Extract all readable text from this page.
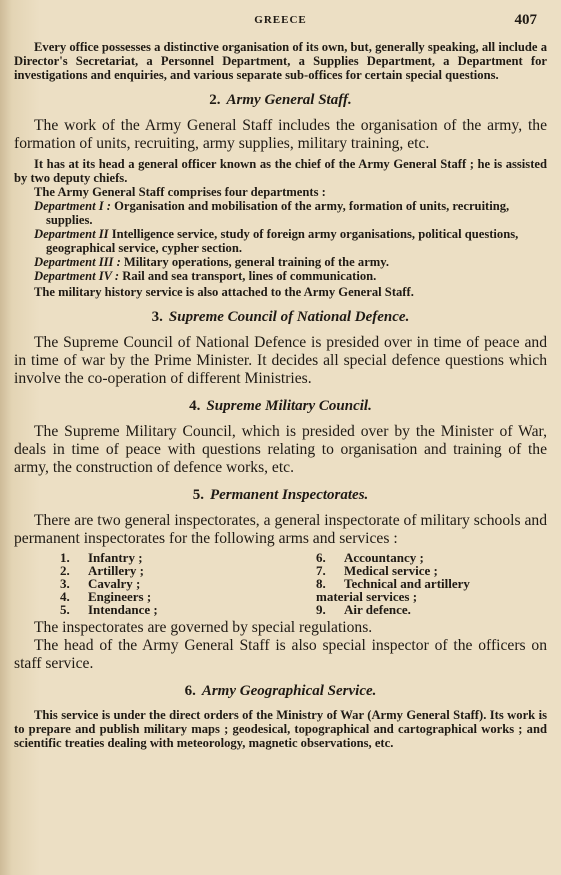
GREECE	407

Every office possesses a distinctive organisation of its own, but, generally speaking, all include a Director's Secretariat, a Personnel Department, a Supplies Department, a Department for investigations and enquiries, and various separate sub-offices for certain special questions.

2. Army General Staff.

The work of the Army General Staff includes the organisation of the army, the formation of units, recruiting, army supplies, military training, etc.

It has at its head a general officer known as the chief of the Army General Staff ; he is assisted by two deputy chiefs.

The Army General Staff comprises four departments :

Department I : Organisation and mobilisation of the army, formation of units, recruiting, supplies.
Department II Intelligence service, study of foreign army organisations, political questions, geographical service, cypher section.
Department III : Military operations, general training of the army.
Department IV : Rail and sea transport, lines of communication.

The military history service is also attached to the Army General Staff.

3. Supreme Council of National Defence.

The Supreme Council of National Defence is presided over in time of peace and in time of war by the Prime Minister. It decides all special defence questions which involve the co-operation of different Ministries.

4. Supreme Military Council.

The Supreme Military Council, which is presided over by the Minister of War, deals in time of peace with questions relating to organisation and training of the army, the construction of defence works, etc.

5. Permanent Inspectorates.

There are two general inspectorates, a general inspectorate of military schools and permanent inspectorates for the following arms and services :

1.	Infantry ;
2.	Artillery ;
3.	Cavalry ;
4.	Engineers ;
5.	Intendance ;
6.	Accountancy ;
7.	Medical service ;
8.	Technical and artillery
material services ;
9.	Air defence.

The inspectorates are governed by special regulations.

The head of the Army General Staff is also special inspector of the officers on staff service.

6. Army Geographical Service.

This service is under the direct orders of the Ministry of War (Army General Staff). Its work is to prepare and publish military maps ; geodesical, topographical and cartographical works ; and scientific treaties dealing with meteorology, magnetic observations, etc.
